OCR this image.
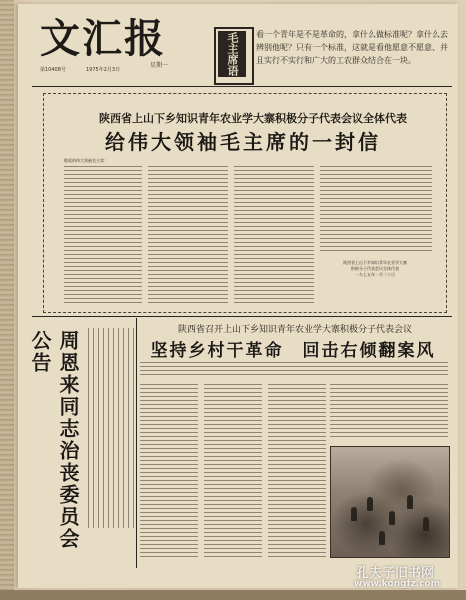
文汇报
第10408号	1975年2月3日
星期一	毛主席语录
看一个青年是不是革命的，拿什么做标准呢？拿什么去辨别他呢？只有一个标准，这就是看他愿意不愿意、并且实行不实行和广大的工农群众结合在一块。
陕西省上山下乡知识青年农业学大寨积极分子代表会议全体代表
给伟大领袖毛主席的一封信
敬爱的伟大领袖毛主席：
陕西省上山下乡知识青年农业学大寨
积极分子代表会议全体代表
一九七五年一月二十日
周恩来同志治丧委员会公告	陕西省召开上山下乡知识青年农业学大寨积极分子代表会议
坚持乡村干革命　回击右倾翻案风
孔夫子旧书网
www.kongfz.com
